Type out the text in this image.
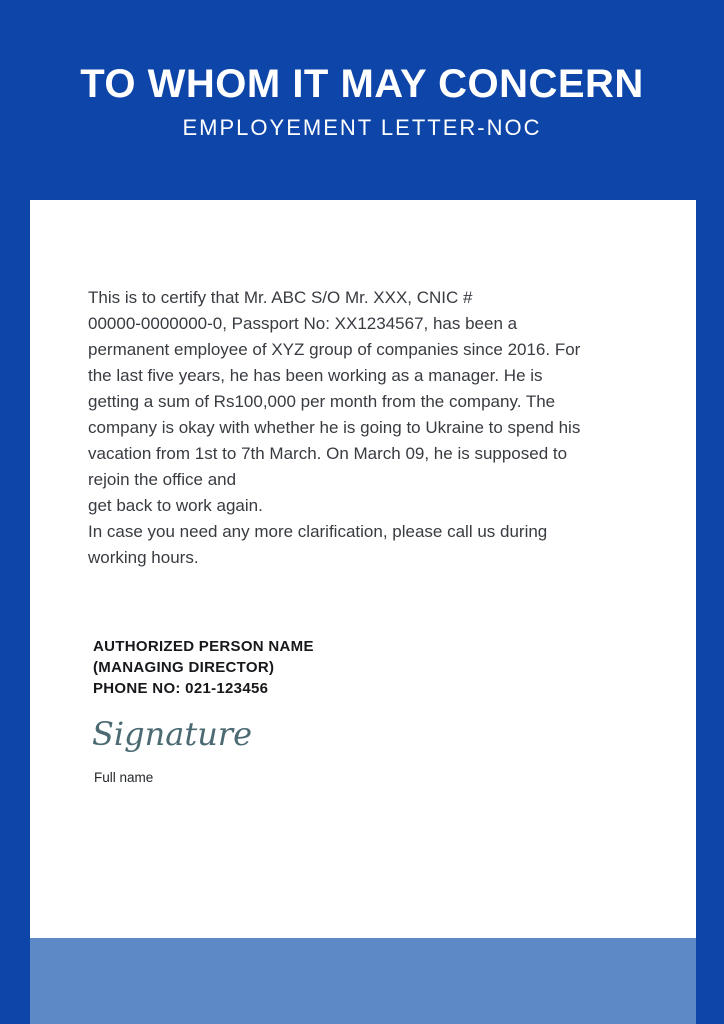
TO WHOM IT MAY CONCERN
EMPLOYEMENT LETTER-NOC
This is to certify that Mr. ABC S/O Mr. XXX, CNIC #
00000-0000000-0, Passport No: XX1234567, has been a
permanent employee of XYZ group of companies since 2016. For
the last five years, he has been working as a manager. He is
getting a sum of Rs100,000 per month from the company. The
company is okay with whether he is going to Ukraine to spend his
vacation from 1st to 7th March. On March 09, he is supposed to
rejoin the office and
get back to work again.
In case you need any more clarification, please call us during
working hours.
AUTHORIZED PERSON NAME
(MANAGING DIRECTOR)
PHONE NO: 021-123456
Signature
Full name
